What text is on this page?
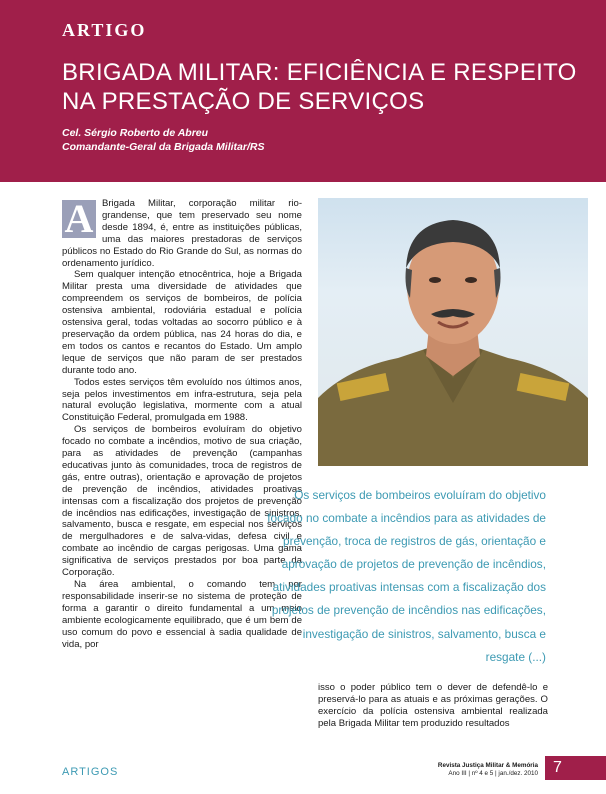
ARTIGO
BRIGADA MILITAR: EFICIÊNCIA E RESPEITO NA PRESTAÇÃO DE SERVIÇOS
Cel. Sérgio Roberto de Abreu
Comandante-Geral da Brigada Militar/RS

A Brigada Militar, corporação militar rio-grandense, que tem preservado seu nome desde 1894, é, entre as instituições públicas, uma das maiores prestadoras de serviços públicos no Estado do Rio Grande do Sul, as normas do ordenamento jurídico.

Sem qualquer intenção etnocêntrica, hoje a Brigada Militar presta uma diversidade de atividades que compreendem os serviços de bombeiros, de polícia ostensiva ambiental, rodoviária estadual e polícia ostensiva geral, todas voltadas ao socorro público e à preservação da ordem pública, nas 24 horas do dia, e em todos os cantos e recantos do Estado. Um amplo leque de serviços que não param de ser prestados durante todo ano.

Todos estes serviços têm evoluído nos últimos anos, seja pelos investimentos em infra-estrutura, seja pela natural evolução legislativa, mormente com a atual Constituição Federal, promulgada em 1988.

Os serviços de bombeiros evoluíram do objetivo focado no combate a incêndios, motivo de sua criação, para as atividades de prevenção (campanhas educativas junto às comunidades, troca de registros de gás, entre outras), orientação e aprovação de projetos de prevenção de incêndios, atividades proativas intensas com a fiscalização dos projetos de prevenção de incêndios nas edificações, investigação de sinistros, salvamento, busca e resgate, em especial nos serviços de mergulhadores e de salva-vidas, defesa civil e combate ao incêndio de cargas perigosas. Uma gama significativa de serviços prestados por boa parte da Corporação.

Na área ambiental, o comando tem por responsabilidade inserir-se no sistema de proteção de forma a garantir o direito fundamental a um meio ambiente ecologicamente equilibrado, que é um bem de uso comum do povo e essencial à sadia qualidade de vida, por

Os serviços de bombeiros evoluíram do objetivo focado no combate a incêndios para as atividades de prevenção, troca de registros de gás, orientação e aprovação de projetos de prevenção de incêndios, atividades proativas intensas com a fiscalização dos projetos de prevenção de incêndios nas edificações, investigação de sinistros, salvamento, busca e resgate (...)

isso o poder público tem o dever de defendê-lo e preservá-lo para as atuais e as próximas gerações. O exercício da polícia ostensiva ambiental realizada pela Brigada Militar tem produzido resultados

ARTIGOS
Revista Justiça Militar & Memória
Ano III | nº 4 e 5 | jan./dez. 2010 7
